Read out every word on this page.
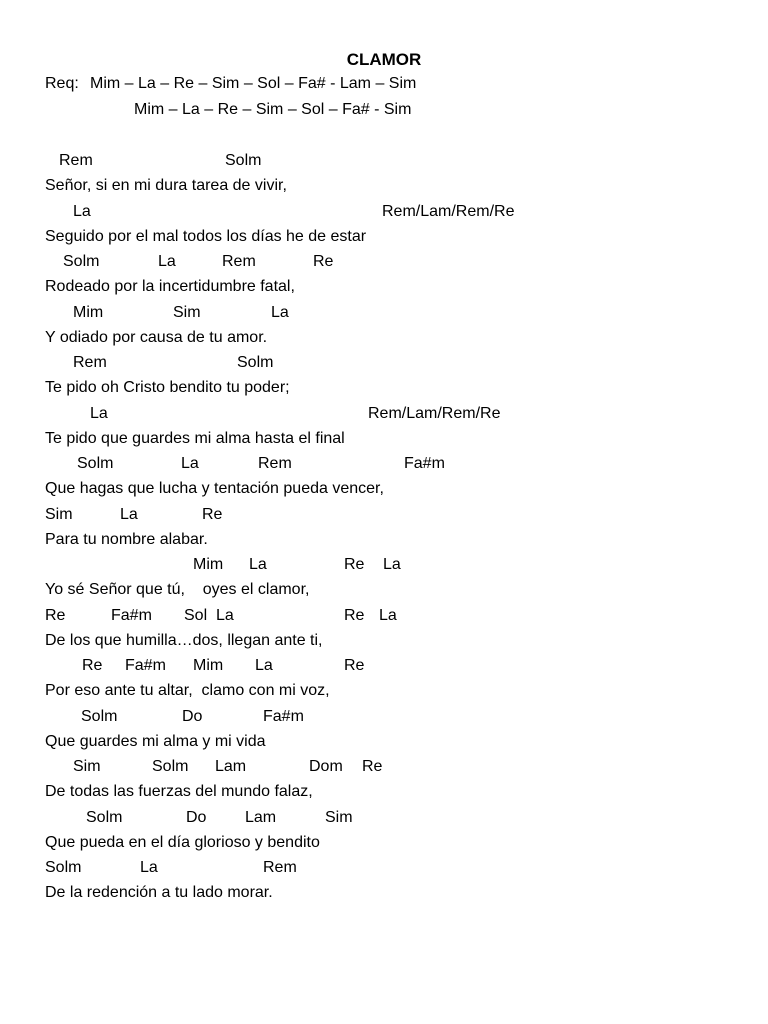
CLAMOR
Req: Mim – La – Re – Sim – Sol – Fa# - Lam – Sim
Mim – La – Re – Sim – Sol – Fa# - Sim
Rem	Solm
Señor, si en mi dura tarea de vivir,
La	Rem/Lam/Rem/Re
Seguido por el mal todos los días he de estar
Solm	La	Rem	Re
Rodeado por la incertidumbre fatal,
Mim	Sim	La
Y odiado por causa de tu amor.
Rem	Solm
Te pido oh Cristo bendito tu poder;
La	Rem/Lam/Rem/Re
Te pido que guardes mi alma hasta el final
Solm	La	Rem	Fa#m
Que hagas que lucha y tentación pueda vencer,
Sim	La	Re
Para tu nombre alabar.
Mim La	Re La
Yo sé Señor que tú,    oyes el clamor,
Re	Fa#m Sol La	Re La
De los que humilla…dos, llegan ante ti,
Re Fa#m Mim La	Re
Por eso ante tu altar,  clamo con mi voz,
Solm	Do	Fa#m
Que guardes mi alma y mi vida
Sim	Solm Lam	Dom Re
De todas las fuerzas del mundo falaz,
Solm	Do Lam	Sim
Que pueda en el día glorioso y bendito
Solm	La	Rem
De la redención a tu lado morar.
